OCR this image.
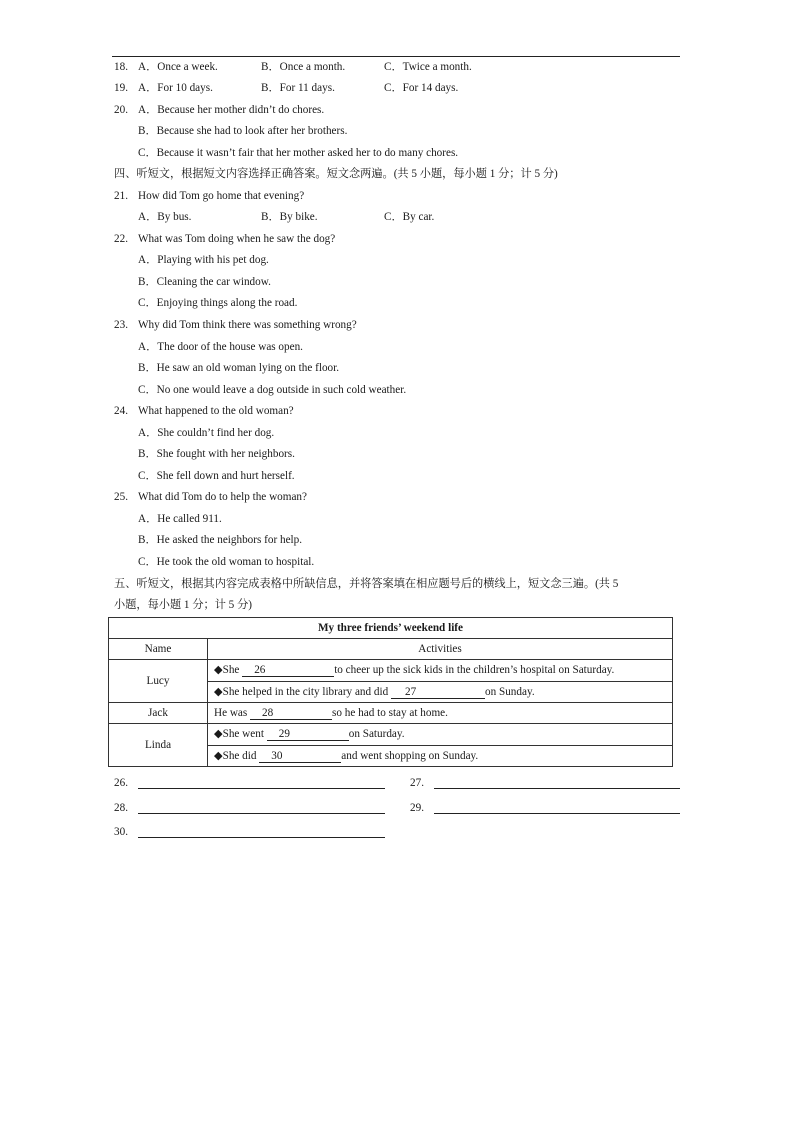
18. A．Once a week.	B．Once a month.	C．Twice a month.
19. A．For 10 days.	B．For 11 days.	C．For 14 days.
20. A．Because her mother didn’t do chores.
B．Because she had to look after her brothers.
C．Because it wasn’t fair that her mother asked her to do many chores.
四、听短文，根据短文内容选择正确答案。短文念两遍。(共 5 小题，每小题 1 分；计 5 分)
21. How did Tom go home that evening?
A．By bus.	B．By bike.	C．By car.
22. What was Tom doing when he saw the dog?
A．Playing with his pet dog.
B．Cleaning the car window.
C．Enjoying things along the road.
23. Why did Tom think there was something wrong?
A．The door of the house was open.
B．He saw an old woman lying on the floor.
C．No one would leave a dog outside in such cold weather.
24. What happened to the old woman?
A．She couldn’t find her dog.
B．She fought with her neighbors.
C．She fell down and hurt herself.
25. What did Tom do to help the woman?
A．He called 911.
B．He asked the neighbors for help.
C．He took the old woman to hospital.
五、听短文，根据其内容完成表格中所缺信息，并将答案填在相应题号后的横线上，短文念三遍。(共 5
小题，每小题 1 分；计 5 分)
My three friends’ weekend life	
Name	Activities
Lucy	◆She 26 to cheer up the sick kids in the children’s hospital on Saturday.
	◆She helped in the city library and did 27 on Sunday.
Jack	He was 28 so he had to stay at home.
Linda	◆She went 29 on Saturday.
	◆She did 30 and went shopping on Sunday.
26.	27.
28.	29.
30.
